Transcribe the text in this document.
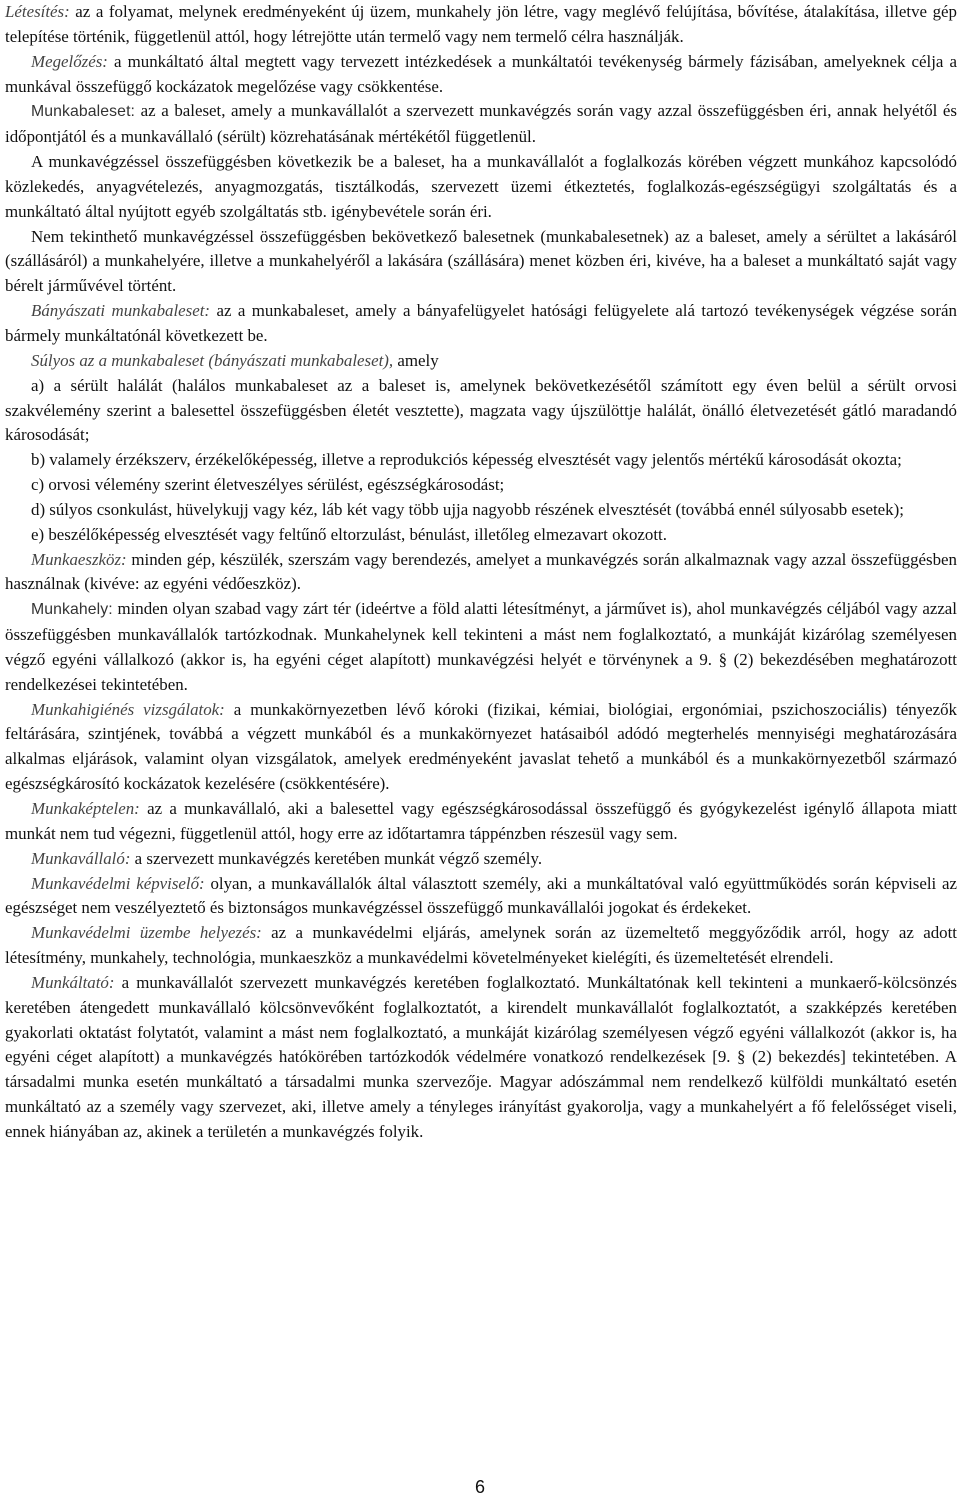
Létesítés: az a folyamat, melynek eredményeként új üzem, munkahely jön létre, vagy meglévő felújítása, bővítése, átalakítása, illetve gép telepítése történik, függetlenül attól, hogy létrejötte után termelő vagy nem termelő célra használják.

Megelőzés: a munkáltató által megtett vagy tervezett intézkedések a munkáltatói tevékenység bármely fázisában, amelyeknek célja a munkával összefüggő kockázatok megelőzése vagy csökkentése.

Munkabaleset: az a baleset, amely a munkavállalót a szervezett munkavégzés során vagy azzal összefüggésben éri, annak helyétől és időpontjától és a munkavállaló (sérült) közrehatásának mértékétől függetlenül.

A munkavégzéssel összefüggésben következik be a baleset, ha a munkavállalót a foglalkozás körében végzett munkához kapcsolódó közlekedés, anyagvételezés, anyagmozgatás, tisztálkodás, szervezett üzemi étkeztetés, foglalkozás-egészségügyi szolgáltatás és a munkáltató által nyújtott egyéb szolgáltatás stb. igénybevétele során éri.

Nem tekinthető munkavégzéssel összefüggésben bekövetkező balesetnek (munkabalesetnek) az a baleset, amely a sérültet a lakásáról (szállásáról) a munkahelyére, illetve a munkahelyéről a lakására (szállására) menet közben éri, kivéve, ha a baleset a munkáltató saját vagy bérelt járművével történt.

Bányászati munkabaleset: az a munkabaleset, amely a bányafelügyelet hatósági felügyelete alá tartozó tevékenységek végzése során bármely munkáltatónál következett be.

Súlyos az a munkabaleset (bányászati munkabaleset), amely

a) a sérült halálát (halálos munkabaleset az a baleset is, amelynek bekövetkezésétől számított egy éven belül a sérült orvosi szakvélemény szerint a balesettel összefüggésben életét vesztette), magzata vagy újszülöttje halálát, önálló életvezetését gátló maradandó károsodását;

b) valamely érzékszerv, érzékelőképesség, illetve a reprodukciós képesség elvesztését vagy jelentős mértékű károsodását okozta;

c) orvosi vélemény szerint életveszélyes sérülést, egészségkárosodást;

d) súlyos csonkulást, hüvelykujj vagy kéz, láb két vagy több ujja nagyobb részének elvesztését (továbbá ennél súlyosabb esetek);

e) beszélőképesség elvesztését vagy feltűnő eltorzulást, bénulást, illetőleg elmezavart okozott.

Munkaeszköz: minden gép, készülék, szerszám vagy berendezés, amelyet a munkavégzés során alkalmaznak vagy azzal összefüggésben használnak (kivéve: az egyéni védőeszköz).

Munkahely: minden olyan szabad vagy zárt tér (ideértve a föld alatti létesítményt, a járművet is), ahol munkavégzés céljából vagy azzal összefüggésben munkavállalók tartózkodnak. Munkahelynek kell tekinteni a mást nem foglalkoztató, a munkáját kizárólag személyesen végző egyéni vállalkozó (akkor is, ha egyéni céget alapított) munkavégzési helyét e törvénynek a 9. § (2) bekezdésében meghatározott rendelkezései tekintetében.

Munkahigiénés vizsgálatok: a munkakörnyezetben lévő kóroki (fizikai, kémiai, biológiai, ergonómiai, pszichoszociális) tényezők feltárására, szintjének, továbbá a végzett munkából és a munkakörnyezet hatásaiból adódó megterhelés mennyiségi meghatározására alkalmas eljárások, valamint olyan vizsgálatok, amelyek eredményeként javaslat tehető a munkából és a munkakörnyezetből származó egészségkárosító kockázatok kezelésére (csökkentésére).

Munkaképtelen: az a munkavállaló, aki a balesettel vagy egészségkárosodással összefüggő és gyógykezelést igénylő állapota miatt munkát nem tud végezni, függetlenül attól, hogy erre az időtartamra táppénzben részesül vagy sem.

Munkavállaló: a szervezett munkavégzés keretében munkát végző személy.

Munkavédelmi képviselő: olyan, a munkavállalók által választott személy, aki a munkáltatóval való együttműködés során képviseli az egészséget nem veszélyeztető és biztonságos munkavégzéssel összefüggő munkavállalói jogokat és érdekeket.

Munkavédelmi üzembe helyezés: az a munkavédelmi eljárás, amelynek során az üzemeltető meggyőződik arról, hogy az adott létesítmény, munkahely, technológia, munkaeszköz a munkavédelmi követelményeket kielégíti, és üzemeltetését elrendeli.

Munkáltató: a munkavállalót szervezett munkavégzés keretében foglalkoztató. Munkáltatónak kell tekinteni a munkaerő-kölcsönzés keretében átengedett munkavállaló kölcsönvevőként foglalkoztatót, a kirendelt munkavállalót foglalkoztatót, a szakképzés keretében gyakorlati oktatást folytatót, valamint a mást nem foglalkoztató, a munkáját kizárólag személyesen végző egyéni vállalkozót (akkor is, ha egyéni céget alapított) a munkavégzés hatókörében tartózkodók védelmére vonatkozó rendelkezések [9. § (2) bekezdés] tekintetében. A társadalmi munka esetén munkáltató a társadalmi munka szervezője. Magyar adószámmal nem rendelkező külföldi munkáltató esetén munkáltató az a személy vagy szervezet, aki, illetve amely a tényleges irányítást gyakorolja, vagy a munkahelyért a fő felelősséget viseli, ennek hiányában az, akinek a területén a munkavégzés folyik.

6
